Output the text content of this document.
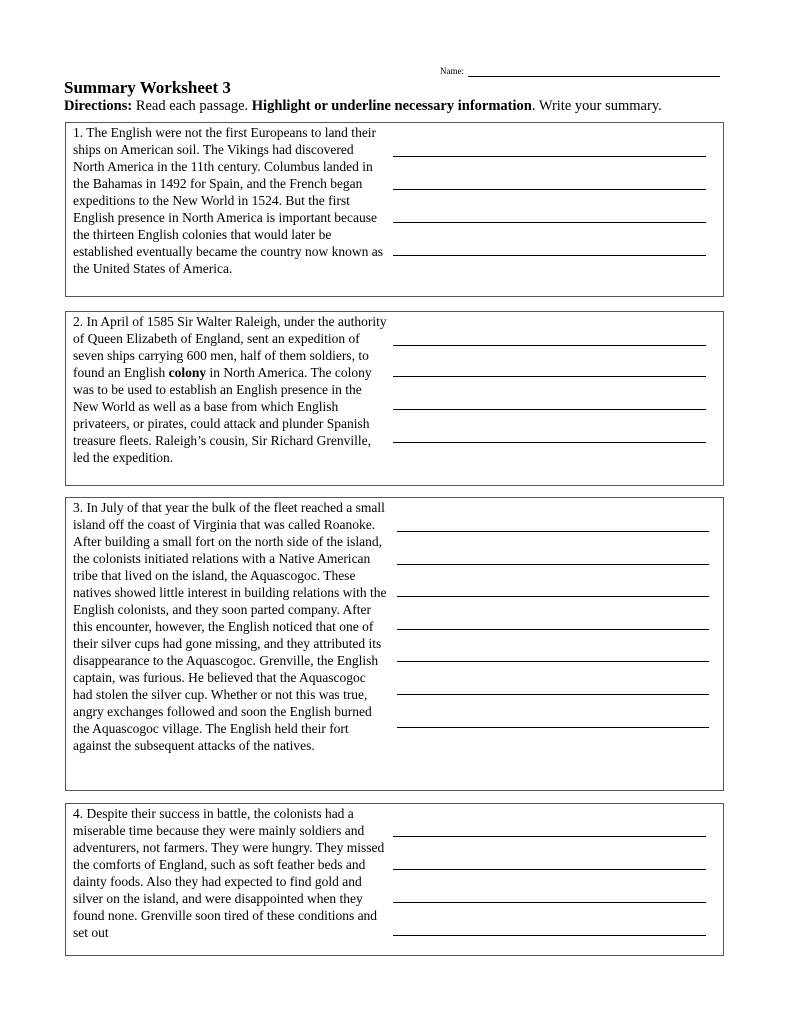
Name:
Summary Worksheet 3
Directions: Read each passage. Highlight or underline necessary information. Write your summary.

1. The English were not the first Europeans to land their ships on American soil. The Vikings had discovered North America in the 11th century. Columbus landed in the Bahamas in 1492 for Spain, and the French began expeditions to the New World in 1524. But the first English presence in North America is important because the thirteen English colonies that would later be established eventually became the country now known as the United States of America.

2. In April of 1585 Sir Walter Raleigh, under the authority of Queen Elizabeth of England, sent an expedition of seven ships carrying 600 men, half of them soldiers, to found an English colony in North America. The colony was to be used to establish an English presence in the New World as well as a base from which English privateers, or pirates, could attack and plunder Spanish treasure fleets. Raleigh’s cousin, Sir Richard Grenville, led the expedition.

3. In July of that year the bulk of the fleet reached a small island off the coast of Virginia that was called Roanoke. After building a small fort on the north side of the island, the colonists initiated relations with a Native American tribe that lived on the island, the Aquascogoc. These natives showed little interest in building relations with the English colonists, and they soon parted company. After this encounter, however, the English noticed that one of their silver cups had gone missing, and they attributed its disappearance to the Aquascogoc. Grenville, the English captain, was furious. He believed that the Aquascogoc had stolen the silver cup. Whether or not this was true, angry exchanges followed and soon the English burned the Aquascogoc village. The English held their fort against the subsequent attacks of the natives.

4. Despite their success in battle, the colonists had a miserable time because they were mainly soldiers and adventurers, not farmers. They were hungry. They missed the comforts of England, such as soft feather beds and dainty foods. Also they had expected to find gold and silver on the island, and were disappointed when they found none. Grenville soon tired of these conditions and set out
